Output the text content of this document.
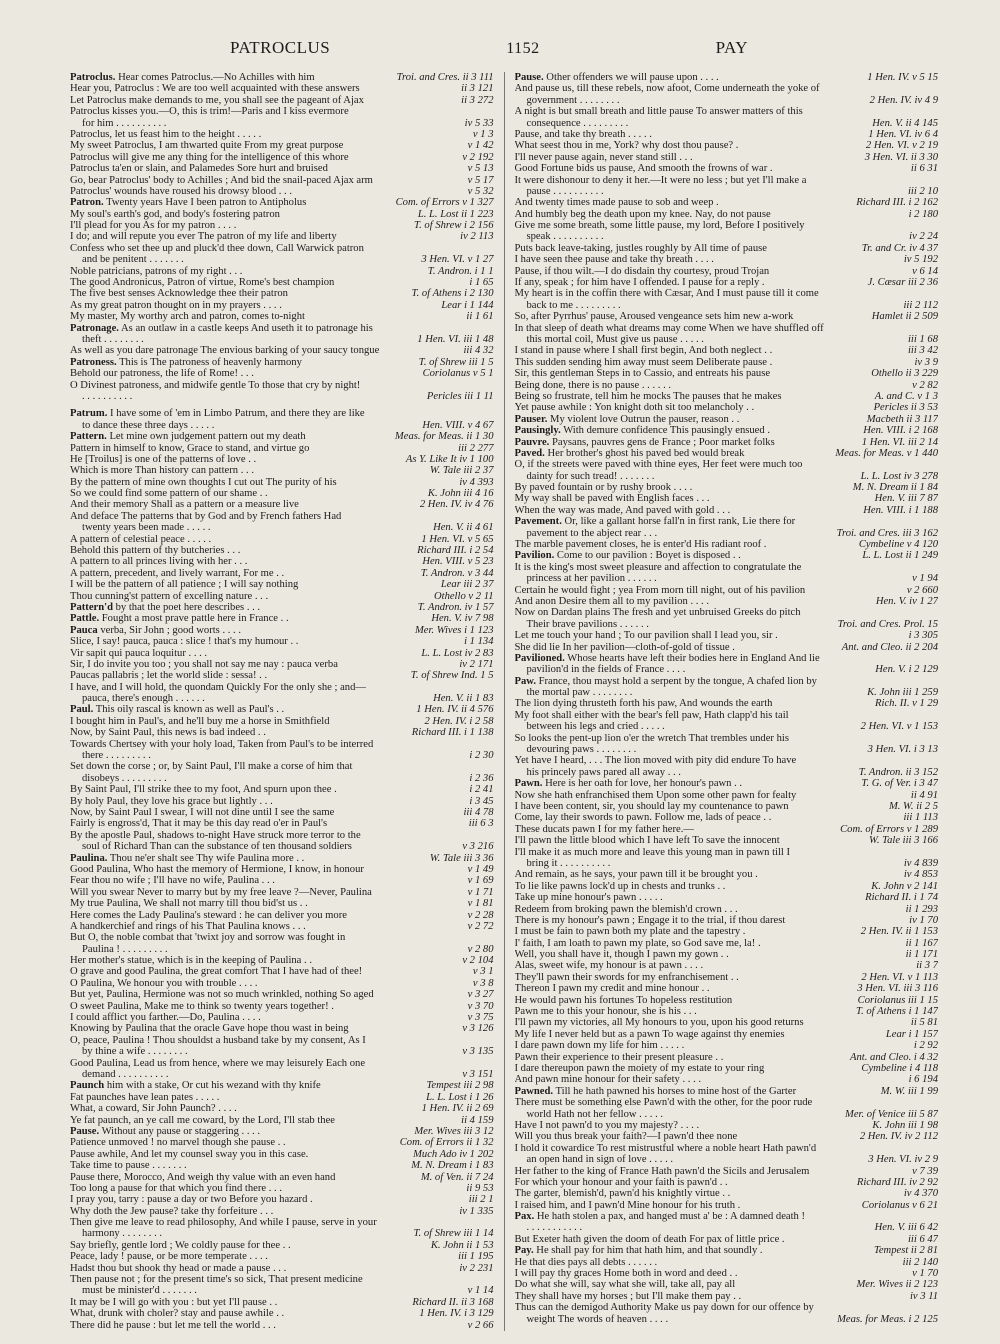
PATROCLUS	1152	PAY
Patroclus. Hear comes Patroclus.—No Achilles with him	Troi. and Cres. ii 3 111
Hear you, Patroclus : We are too well acquainted with these answers	ii 3 121
Let Patroclus make demands to me, you shall see the pageant of Ajax	ii 3 272
Patroclus kisses you.—O, this is trim!—Paris and I kiss evermore
for him . . . . . . . . . .	iv 5 33
Patroclus, let us feast him to the height . . . . .	v 1 3
My sweet Patroclus, I am thwarted quite From my great purpose	v 1 42
Patroclus will give me any thing for the intelligence of this whore	v 2 192
Patroclus ta'en or slain, and Palamedes Sore hurt and bruised	v 5 13
Go, bear Patroclus' body to Achilles ; And bid the snail-paced Ajax arm	v 5 17
Patroclus' wounds have roused his drowsy blood . . .	v 5 32
Patron. Twenty years Have I been patron to Antipholus	Com. of Errors v 1 327
My soul's earth's god, and body's fostering patron	L. L. Lost ii 1 223
I'll plead for you As for my patron . . . .	T. of Shrew i 2 156
I do; and will repute you ever The patron of my life and liberty	iv 2 113
Confess who set thee up and pluck'd thee down, Call Warwick patron
and be penitent . . . . . . .	3 Hen. VI. v 1 27
Noble patricians, patrons of my right . . .	T. Andron. i 1 1
The good Andronicus, Patron of virtue, Rome's best champion	i 1 65
The five best senses Acknowledge thee their patron	T. of Athens i 2 130
As my great patron thought on in my prayers . . . .	Lear i 1 144
My master, My worthy arch and patron, comes to-night	ii 1 61
Patronage. As an outlaw in a castle keeps And useth it to patronage his
theft . . . . . . . .	1 Hen. VI. iii 1 48
As well as you dare patronage The envious barking of your saucy tongue	iii 4 32
Patroness. This is The patroness of heavenly harmony	T. of Shrew iii 1 5
Behold our patroness, the life of Rome! . . .	Coriolanus v 5 1
O Divinest patroness, and midwife gentle To those that cry by night!
. . . . . . . . . .	Pericles iii 1 11
Patrum. I have some of 'em in Limbo Patrum, and there they are like
to dance these three days . . . . .	Hen. VIII. v 4 67
Pattern. Let mine own judgement pattern out my death	Meas. for Meas. ii 1 30
Pattern in himself to know, Grace to stand, and virtue go	iii 2 277
He [Troilus] is one of the patterns of love . .	As Y. Like It iv 1 100
Which is more Than history can pattern . . .	W. Tale iii 2 37
By the pattern of mine own thoughts I cut out The purity of his	iv 4 393
So we could find some pattern of our shame . .	K. John iii 4 16
And their memory Shall as a pattern or a measure live	2 Hen. IV. iv 4 76
And deface The patterns that by God and by French fathers Had
twenty years been made . . . . .	Hen. V. ii 4 61
A pattern of celestial peace . . . . .	1 Hen. VI. v 5 65
Behold this pattern of thy butcheries . . .	Richard III. i 2 54
A pattern to all princes living with her . . .	Hen. VIII. v 5 23
A pattern, precedent, and lively warrant, For me . .	T. Andron. v 3 44
I will be the pattern of all patience ; I will say nothing	Lear iii 2 37
Thou cunning'st pattern of excelling nature . . .	Othello v 2 11
Pattern'd by that the poet here describes . . .	T. Andron. iv 1 57
Pattle. Fought a most prave pattle here in France . .	Hen. V. iv 7 98
Pauca verba, Sir John ; good worts . . . .	Mer. Wives i 1 123
Slice, I say! pauca, pauca : slice ! that's my humour . .	i 1 134
Vir sapit qui pauca loquitur . . . .	L. L. Lost iv 2 83
Sir, I do invite you too ; you shall not say me nay : pauca verba	iv 2 171
Paucas pallabris ; let the world slide : sessa! . .	T. of Shrew Ind. 1 5
I have, and I will hold, the quondam Quickly For the only she ; and—
pauca, there's enough . . . . . .	Hen. V. ii 1 83
Paul. This oily rascal is known as well as Paul's . .	1 Hen. IV. ii 4 576
I bought him in Paul's, and he'll buy me a horse in Smithfield	2 Hen. IV. i 2 58
Now, by Saint Paul, this news is bad indeed . .	Richard III. i 1 138
Towards Chertsey with your holy load, Taken from Paul's to be interred
there . . . . . . . . .	i 2 30
Set down the corse ; or, by Saint Paul, I'll make a corse of him that
disobeys . . . . . . . . .	i 2 36
By Saint Paul, I'll strike thee to my foot, And spurn upon thee .	i 2 41
By holy Paul, they love his grace but lightly . . .	i 3 45
Now, by Saint Paul I swear, I will not dine until I see the same	iii 4 78
Fairly is engross'd, That it may be this day read o'er in Paul's	iii 6 3
By the apostle Paul, shadows to-night Have struck more terror to the
soul of Richard Than can the substance of ten thousand soldiers	v 3 216
Paulina. Thou ne'er shalt see Thy wife Paulina more . .	W. Tale iii 3 36
Good Paulina, Who hast the memory of Hermione, I know, in honour	v 1 49
Fear thou no wife ; I'll have no wife, Paulina . . .	v 1 69
Will you swear Never to marry but by my free leave ?—Never, Paulina	v 1 71
My true Paulina, We shall not marry till thou bid'st us . .	v 1 81
Here comes the Lady Paulina's steward : he can deliver you more	v 2 28
A handkerchief and rings of his That Paulina knows . . .	v 2 72
But O, the noble combat that 'twixt joy and sorrow was fought in
Paulina ! . . . . . . . . .	v 2 80
Her mother's statue, which is in the keeping of Paulina . .	v 2 104
O grave and good Paulina, the great comfort That I have had of thee!	v 3 1
O Paulina, We honour you with trouble . . . .	v 3 8
But yet, Paulina, Hermione was not so much wrinkled, nothing So aged	v 3 27
O sweet Paulina, Make me to think so twenty years together! .	v 3 70
I could afflict you farther.—Do, Paulina . . . .	v 3 75
Knowing by Paulina that the oracle Gave hope thou wast in being	v 3 126
O, peace, Paulina ! Thou shouldst a husband take by my consent, As I
by thine a wife . . . . . . . .	v 3 135
Good Paulina, Lead us from hence, where we may leisurely Each one
demand . . . . . . . . . .	v 3 151
Paunch him with a stake, Or cut his wezand with thy knife	Tempest iii 2 98
Fat paunches have lean pates . . . . .	L. L. Lost i 1 26
What, a coward, Sir John Paunch? . . . .	1 Hen. IV. ii 2 69
Ye fat paunch, an ye call me coward, by the Lord, I'll stab thee	ii 4 159
Pause. Without any pause or staggering . . . .	Mer. Wives iii 3 12
Patience unmoved ! no marvel though she pause . .	Com. of Errors ii 1 32
Pause awhile, And let my counsel sway you in this case.	Much Ado iv 1 202
Take time to pause . . . . . . .	M. N. Dream i 1 83
Pause there, Morocco, And weigh thy value with an even hand	M. of Ven. ii 7 24
Too long a pause for that which you find there . . .	ii 9 53
I pray you, tarry : pause a day or two Before you hazard .	iii 2 1
Why doth the Jew pause? take thy forfeiture . . .	iv 1 335
Then give me leave to read philosophy, And while I pause, serve in your
harmony . . . . . . . .	T. of Shrew iii 1 14
Say briefly, gentle lord ; We coldly pause for thee . .	K. John ii 1 53
Peace, lady ! pause, or be more temperate . . . .	iii 1 195
Hadst thou but shook thy head or made a pause . . .	iv 2 231
Then pause not ; for the present time's so sick, That present medicine
must be minister'd . . . . . . .	v 1 14
It may be I will go with you : but yet I'll pause . .	Richard II. ii 3 168
What, drunk with choler? stay and pause awhile . .	1 Hen. IV. i 3 129
There did he pause : but let me tell the world . . .	v 2 66
Pause. Other offenders we will pause upon . . . .	1 Hen. IV. v 5 15
And pause us, till these rebels, now afoot, Come underneath the yoke of
government . . . . . . . .	2 Hen. IV. iv 4 9
A night is but small breath and little pause To answer matters of this
consequence . . . . . . . . .	Hen. V. ii 4 145
Pause, and take thy breath . . . . .	1 Hen. VI. iv 6 4
What seest thou in me, York? why dost thou pause? .	2 Hen. VI. v 2 19
I'll never pause again, never stand still . . .	3 Hen. VI. ii 3 30
Good Fortune bids us pause, And smooth the frowns of war .	ii 6 31
It were dishonour to deny it her.—It were no less ; but yet I'll make a
pause . . . . . . . . . .	iii 2 10
And twenty times made pause to sob and weep .	Richard III. i 2 162
And humbly beg the death upon my knee. Nay, do not pause	i 2 180
Give me some breath, some little pause, my lord, Before I positively
speak . . . . . . . . . .	iv 2 24
Puts back leave-taking, justles roughly by All time of pause	Tr. and Cr. iv 4 37
I have seen thee pause and take thy breath . . . .	iv 5 192
Pause, if thou wilt.—I do disdain thy courtesy, proud Trojan	v 6 14
If any, speak ; for him have I offended. I pause for a reply .	J. Cæsar iii 2 36
My heart is in the coffin there with Cæsar, And I must pause till it come
back to me . . . . . . . . .	iii 2 112
So, after Pyrrhus' pause, Aroused vengeance sets him new a-work	Hamlet ii 2 509
In that sleep of death what dreams may come When we have shuffled off
this mortal coil, Must give us pause . . . . .	iii 1 68
I stand in pause where I shall first begin, And both neglect . .	iii 3 42
This sudden sending him away must seem Deliberate pause .	iv 3 9
Sir, this gentleman Steps in to Cassio, and entreats his pause	Othello ii 3 229
Being done, there is no pause . . . . . .	v 2 82
Being so frustrate, tell him he mocks The pauses that he makes	A. and C. v 1 3
Yet pause awhile : Yon knight doth sit too melancholy . .	Pericles ii 3 53
Pauser. My violent love Outrun the pauser, reason . .	Macbeth ii 3 117
Pausingly. With demure confidence This pausingly ensued .	Hen. VIII. i 2 168
Pauvre. Paysans, pauvres gens de France ; Poor market folks	1 Hen. VI. iii 2 14
Paved. Her brother's ghost his paved bed would break	Meas. for Meas. v 1 440
O, if the streets were paved with thine eyes, Her feet were much too
dainty for such tread! . . . . . . .	L. L. Lost iv 3 278
By paved fountain or by rushy brook . . . .	M. N. Dream ii 1 84
My way shall be paved with English faces . . .	Hen. V. iii 7 87
When the way was made, And paved with gold . . .	Hen. VIII. i 1 188
Pavement. Or, like a gallant horse fall'n in first rank, Lie there for
pavement to the abject rear . . .	Troi. and Cres. iii 3 162
The marble pavement closes, he is enter'd His radiant roof .	Cymbeline v 4 120
Pavilion. Come to our pavilion : Boyet is disposed . .	L. L. Lost ii 1 249
It is the king's most sweet pleasure and affection to congratulate the
princess at her pavilion . . . . . .	v 1 94
Certain he would fight ; yea From morn till night, out of his pavilion	v 2 660
And anon Desire them all to my pavilion . . . .	Hen. V. iv 1 27
Now on Dardan plains The fresh and yet unbruised Greeks do pitch
Their brave pavilions . . . . . .	Troi. and Cres. Prol. 15
Let me touch your hand ; To our pavilion shall I lead you, sir .	i 3 305
She did lie In her pavilion—cloth-of-gold of tissue .	Ant. and Cleo. ii 2 204
Pavilioned. Whose hearts have left their bodies here in England And lie
pavilion'd in the fields of France . . . .	Hen. V. i 2 129
Paw. France, thou mayst hold a serpent by the tongue, A chafed lion by
the mortal paw . . . . . . . .	K. John iii 1 259
The lion dying thrusteth forth his paw, And wounds the earth	Rich. II. v 1 29
My foot shall either with the bear's fell paw, Hath clapp'd his tail
between his legs and cried . . . . .	2 Hen. VI. v 1 153
So looks the pent-up lion o'er the wretch That trembles under his
devouring paws . . . . . . . .	3 Hen. VI. i 3 13
Yet have I heard, . . . The lion moved with pity did endure To have
his princely paws pared all away . . .	T. Andron. ii 3 152
Pawn. Here is her oath for love, her honour's pawn . .	T. G. of Ver. i 3 47
Now she hath enfranchised them Upon some other pawn for fealty	ii 4 91
I have been content, sir, you should lay my countenance to pawn	M. W. ii 2 5
Come, lay their swords to pawn. Follow me, lads of peace . .	iii 1 113
These ducats pawn I for my father here.—	Com. of Errors v 1 289
I'll pawn the little blood which I have left To save the innocent	W. Tale iii 3 166
I'll make it as much more and leave this young man in pawn till I
bring it . . . . . . . . . .	iv 4 839
And remain, as he says, your pawn till it be brought you .	iv 4 853
To lie like pawns lock'd up in chests and trunks . .	K. John v 2 141
Take up mine honour's pawn . . . . .	Richard II. i 1 74
Redeem from broking pawn the blemish'd crown . . .	ii 1 293
There is my honour's pawn ; Engage it to the trial, if thou darest	iv 1 70
I must be fain to pawn both my plate and the tapestry .	2 Hen. IV. ii 1 153
I' faith, I am loath to pawn my plate, so God save me, la! .	ii 1 167
Well, you shall have it, though I pawn my gown . .	ii 1 171
Alas, sweet wife, my honour is at pawn . . . .	ii 3 7
They'll pawn their swords for my enfranchisement . .	2 Hen. VI. v 1 113
Thereon I pawn my credit and mine honour . .	3 Hen. VI. iii 3 116
He would pawn his fortunes To hopeless restitution	Coriolanus iii 1 15
Pawn me to this your honour, she is his . . .	T. of Athens i 1 147
I'll pawn my victories, all My honours to you, upon his good returns	ii 5 81
My life I never held but as a pawn To wage against thy enemies	Lear i 1 157
I dare pawn down my life for him . . . . .	i 2 92
Pawn their experience to their present pleasure . .	Ant. and Cleo. i 4 32
I dare thereupon pawn the moiety of my estate to your ring	Cymbeline i 4 118
And pawn mine honour for their safety . . . .	i 6 194
Pawned. Till he hath pawned his horses to mine host of the Garter	M. W. iii 1 99
There must be something else Pawn'd with the other, for the poor rude
world Hath not her fellow . . . . .	Mer. of Venice iii 5 87
Have I not pawn'd to you my majesty? . . . .	K. John iii 1 98
Will you thus break your faith?—I pawn'd thee none	2 Hen. IV. iv 2 112
I hold it cowardice To rest mistrustful where a noble heart Hath pawn'd
an open hand in sign of love . . . . .	3 Hen. VI. iv 2 9
Her father to the king of France Hath pawn'd the Sicils and Jerusalem	v 7 39
For which your honour and your faith is pawn'd . .	Richard III. iv 2 92
The garter, blemish'd, pawn'd his knightly virtue . .	iv 4 370
I raised him, and I pawn'd Mine honour for his truth .	Coriolanus v 6 21
Pax. He hath stolen a pax, and hanged must a' be : A damned death !
. . . . . . . . . . .	Hen. V. iii 6 42
But Exeter hath given the doom of death For pax of little price .	iii 6 47
Pay. He shall pay for him that hath him, and that soundly .	Tempest ii 2 81
He that dies pays all debts . . . . . .	iii 2 140
I will pay thy graces Home both in word and deed . .	v 1 70
Do what she will, say what she will, take all, pay all	Mer. Wives ii 2 123
They shall have my horses ; but I'll make them pay . .	iv 3 11
Thus can the demigod Authority Make us pay down for our offence by
weight The words of heaven . . . .	Meas. for Meas. i 2 125
